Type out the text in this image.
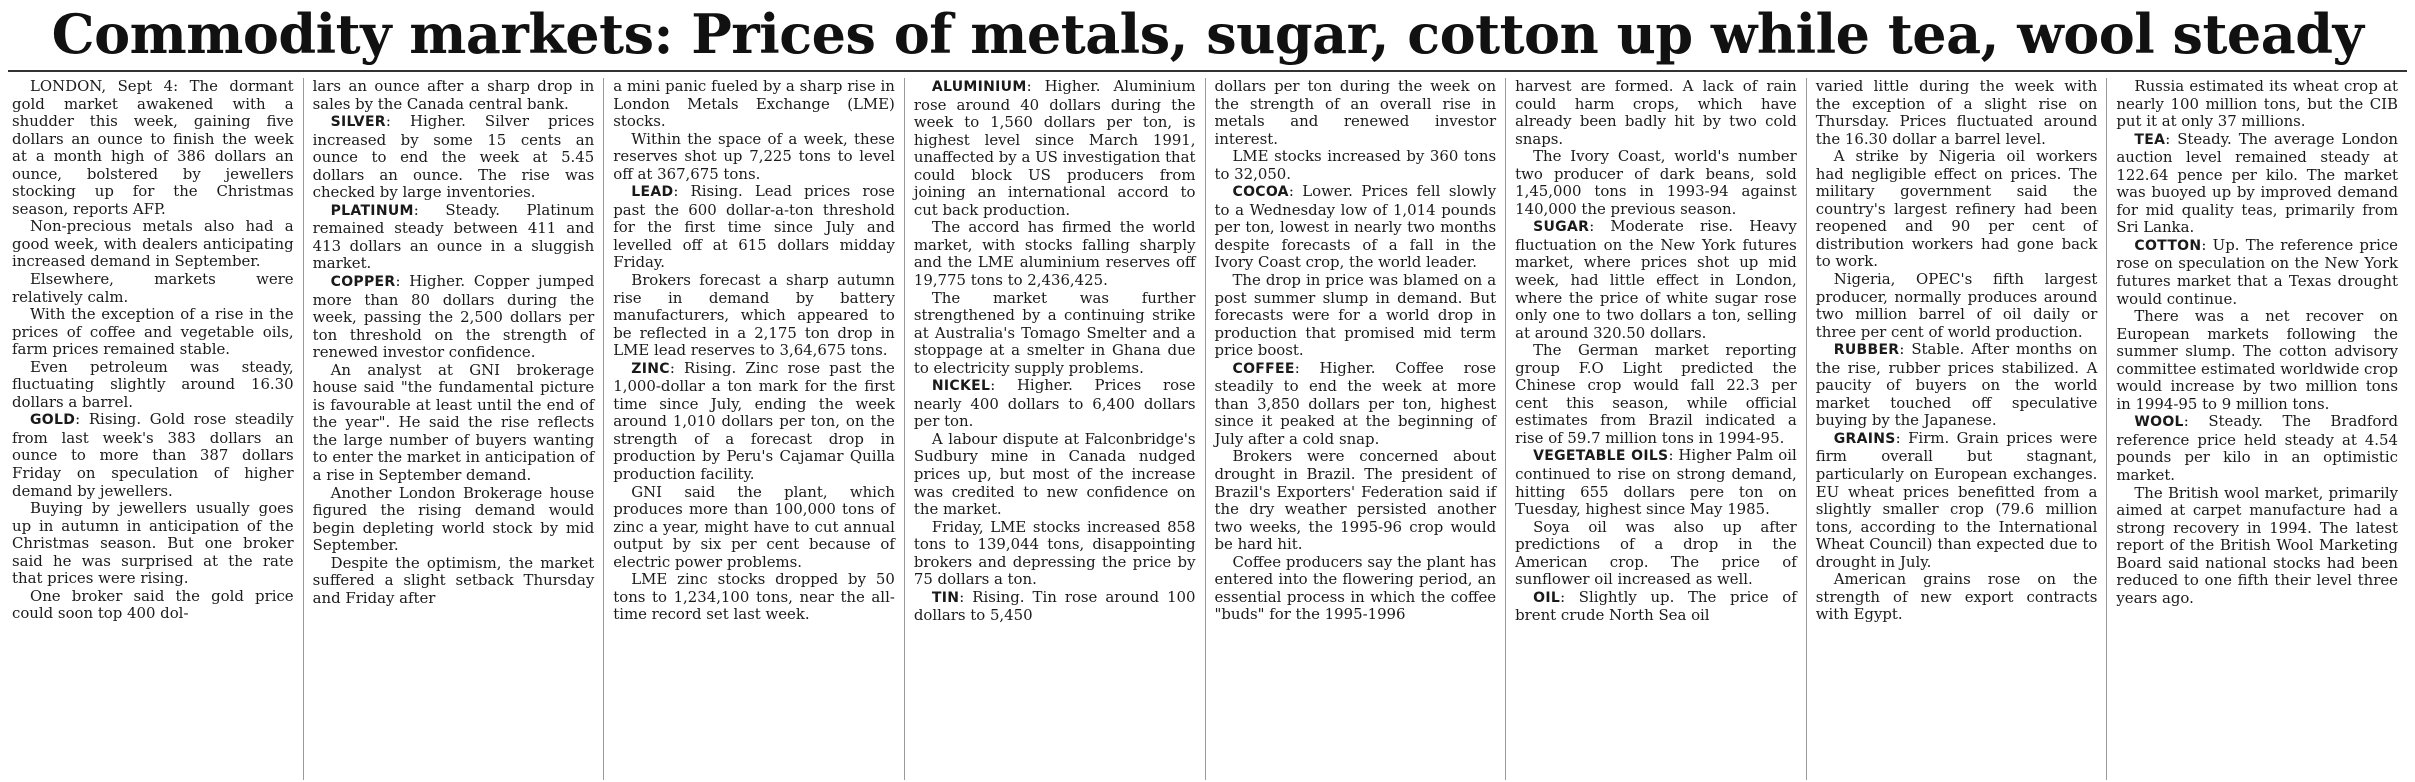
Commodity markets: Prices of metals, sugar, cotton up while tea, wool steady

LONDON, Sept 4: The dormant gold market awakened with a shudder this week, gaining five dollars an ounce to finish the week at a month high of 386 dollars an ounce, bolstered by jewellers stocking up for the Christmas season, reports AFP.

Non-precious metals also had a good week, with dealers anticipating increased demand in September.

Elsewhere, markets were relatively calm.

With the exception of a rise in the prices of coffee and vegetable oils, farm prices remained stable.

Even petroleum was steady, fluctuating slightly around 16.30 dollars a barrel.

GOLD: Rising. Gold rose steadily from last week's 383 dollars an ounce to more than 387 dollars Friday on speculation of higher demand by jewellers.

Buying by jewellers usually goes up in autumn in anticipation of the Christmas season. But one broker said he was surprised at the rate that prices were rising.

One broker said the gold price could soon top 400 dol-

lars an ounce after a sharp drop in sales by the Canada central bank.

SILVER: Higher. Silver prices increased by some 15 cents an ounce to end the week at 5.45 dollars an ounce. The rise was checked by large inventories.

PLATINUM: Steady. Platinum remained steady between 411 and 413 dollars an ounce in a sluggish market.

COPPER: Higher. Copper jumped more than 80 dollars during the week, passing the 2,500 dollars per ton threshold on the strength of renewed investor confidence.

An analyst at GNI brokerage house said "the fundamental picture is favourable at least until the end of the year". He said the rise reflects the large number of buyers wanting to enter the market in anticipation of a rise in September demand.

Another London Brokerage house figured the rising demand would begin depleting world stock by mid September.

Despite the optimism, the market suffered a slight setback Thursday and Friday after

a mini panic fueled by a sharp rise in London Metals Exchange (LME) stocks.

Within the space of a week, these reserves shot up 7,225 tons to level off at 367,675 tons.

LEAD: Rising. Lead prices rose past the 600 dollar-a-ton threshold for the first time since July and levelled off at 615 dollars midday Friday.

Brokers forecast a sharp autumn rise in demand by battery manufacturers, which appeared to be reflected in a 2,175 ton drop in LME lead reserves to 3,64,675 tons.

ZINC: Rising. Zinc rose past the 1,000-dollar a ton mark for the first time since July, ending the week around 1,010 dollars per ton, on the strength of a forecast drop in production by Peru's Cajamar Quilla production facility.

GNI said the plant, which produces more than 100,000 tons of zinc a year, might have to cut annual output by six per cent because of electric power problems.

LME zinc stocks dropped by 50 tons to 1,234,100 tons, near the all-time record set last week.

ALUMINIUM: Higher. Aluminium rose around 40 dollars during the week to 1,560 dollars per ton, is highest level since March 1991, unaffected by a US investigation that could block US producers from joining an international accord to cut back production.

The accord has firmed the world market, with stocks falling sharply and the LME aluminium reserves off 19,775 tons to 2,436,425.

The market was further strengthened by a continuing strike at Australia's Tomago Smelter and a stoppage at a smelter in Ghana due to electricity supply problems.

NICKEL: Higher. Prices rose nearly 400 dollars to 6,400 dollars per ton.

A labour dispute at Falconbridge's Sudbury mine in Canada nudged prices up, but most of the increase was credited to new confidence on the market.

Friday, LME stocks increased 858 tons to 139,044 tons, disappointing brokers and depressing the price by 75 dollars a ton.

TIN: Rising. Tin rose around 100 dollars to 5,450

dollars per ton during the week on the strength of an overall rise in metals and renewed investor interest.

LME stocks increased by 360 tons to 32,050.

COCOA: Lower. Prices fell slowly to a Wednesday low of 1,014 pounds per ton, lowest in nearly two months despite forecasts of a fall in the Ivory Coast crop, the world leader.

The drop in price was blamed on a post summer slump in demand. But forecasts were for a world drop in production that promised mid term price boost.

COFFEE: Higher. Coffee rose steadily to end the week at more than 3,850 dollars per ton, highest since it peaked at the beginning of July after a cold snap.

Brokers were concerned about drought in Brazil. The president of Brazil's Exporters' Federation said if the dry weather persisted another two weeks, the 1995-96 crop would be hard hit.

Coffee producers say the plant has entered into the flowering period, an essential process in which the coffee "buds" for the 1995-1996

harvest are formed. A lack of rain could harm crops, which have already been badly hit by two cold snaps.

The Ivory Coast, world's number two producer of dark beans, sold 1,45,000 tons in 1993-94 against 140,000 the previous season.

SUGAR: Moderate rise. Heavy fluctuation on the New York futures market, where prices shot up mid week, had little effect in London, where the price of white sugar rose only one to two dollars a ton, selling at around 320.50 dollars.

The German market reporting group F.O Light predicted the Chinese crop would fall 22.3 per cent this season, while official estimates from Brazil indicated a rise of 59.7 million tons in 1994-95.

VEGETABLE OILS: Higher Palm oil continued to rise on strong demand, hitting 655 dollars pere ton on Tuesday, highest since May 1985.

Soya oil was also up after predictions of a drop in the American crop. The price of sunflower oil increased as well.

OIL: Slightly up. The price of brent crude North Sea oil

varied little during the week with the exception of a slight rise on Thursday. Prices fluctuated around the 16.30 dollar a barrel level.

A strike by Nigeria oil workers had negligible effect on prices. The military government said the country's largest refinery had been reopened and 90 per cent of distribution workers had gone back to work.

Nigeria, OPEC's fifth largest producer, normally produces around two million barrel of oil daily or three per cent of world production.

RUBBER: Stable. After months on the rise, rubber prices stabilized. A paucity of buyers on the world market touched off speculative buying by the Japanese.

GRAINS: Firm. Grain prices were firm overall but stagnant, particularly on European exchanges. EU wheat prices benefitted from a slightly smaller crop (79.6 million tons, according to the International Wheat Council) than expected due to drought in July.

American grains rose on the strength of new export contracts with Egypt.

Russia estimated its wheat crop at nearly 100 million tons, but the CIB put it at only 37 millions.

TEA: Steady. The average London auction level remained steady at 122.64 pence per kilo. The market was buoyed up by improved demand for mid quality teas, primarily from Sri Lanka.

COTTON: Up. The reference price rose on speculation on the New York futures market that a Texas drought would continue.

There was a net recover on European markets following the summer slump. The cotton advisory committee estimated worldwide crop would increase by two million tons in 1994-95 to 9 million tons.

WOOL: Steady. The Bradford reference price held steady at 4.54 pounds per kilo in an optimistic market.

The British wool market, primarily aimed at carpet manufacture had a strong recovery in 1994. The latest report of the British Wool Marketing Board said national stocks had been reduced to one fifth their level three years ago.
